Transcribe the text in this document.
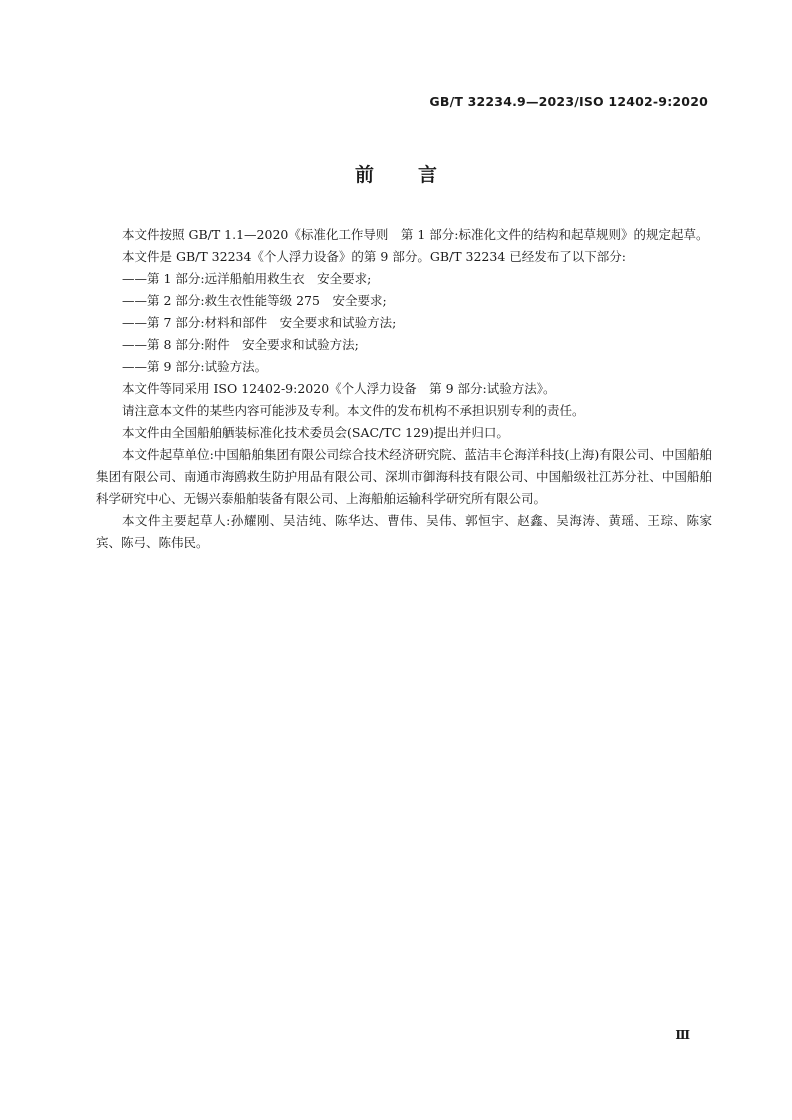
GB/T 32234.9—2023/ISO 12402-9:2020
前 言

本文件按照 GB/T 1.1—2020《标准化工作导则　第 1 部分:标准化文件的结构和起草规则》的规定起草。

本文件是 GB/T 32234《个人浮力设备》的第 9 部分。GB/T 32234 已经发布了以下部分:

——第 1 部分:远洋船舶用救生衣　安全要求;

——第 2 部分:救生衣性能等级 275　安全要求;

——第 7 部分:材料和部件　安全要求和试验方法;

——第 8 部分:附件　安全要求和试验方法;

——第 9 部分:试验方法。

本文件等同采用 ISO 12402-9:2020《个人浮力设备　第 9 部分:试验方法》。

请注意本文件的某些内容可能涉及专利。本文件的发布机构不承担识别专利的责任。

本文件由全国船舶舾装标准化技术委员会(SAC/TC 129)提出并归口。

本文件起草单位:中国船舶集团有限公司综合技术经济研究院、蓝洁丰仑海洋科技(上海)有限公司、中国船舶集团有限公司、南通市海鸥救生防护用品有限公司、深圳市御海科技有限公司、中国船级社江苏分社、中国船舶科学研究中心、无锡兴泰船舶装备有限公司、上海船舶运输科学研究所有限公司。

本文件主要起草人:孙耀刚、吴洁纯、陈华达、曹伟、吴伟、郭恒宇、赵鑫、吴海涛、黄瑶、王琮、陈家宾、陈弓、陈伟民。

Ⅲ
